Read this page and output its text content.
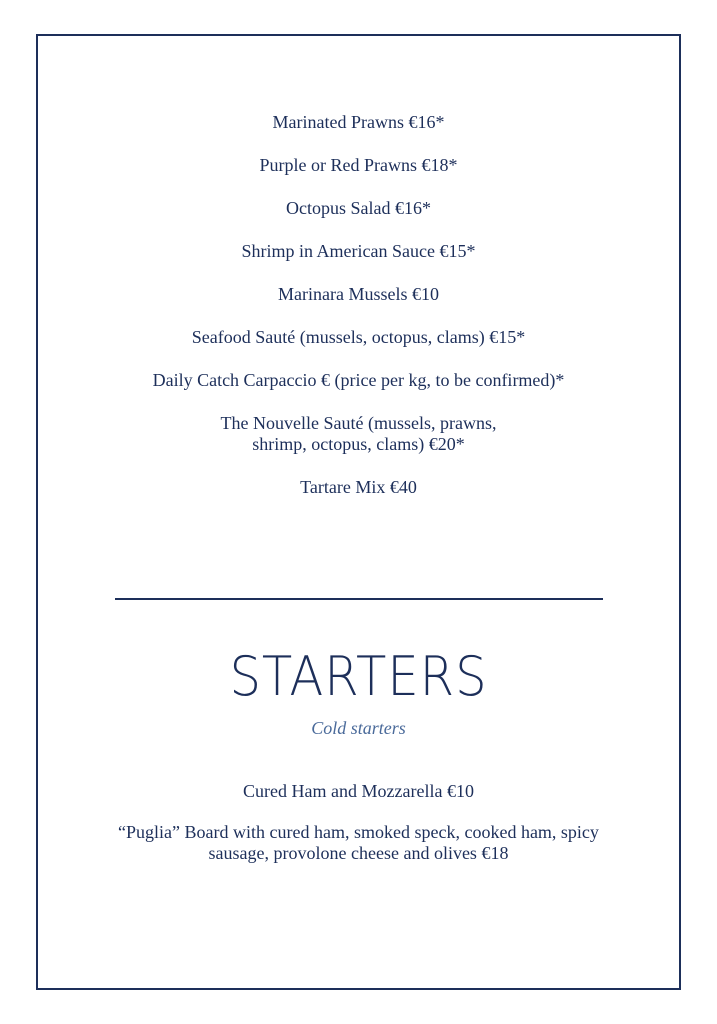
Marinated Prawns €16*
Purple or Red Prawns €18*
Octopus Salad €16*
Shrimp in American Sauce €15*
Marinara Mussels €10
Seafood Sauté (mussels, octopus, clams) €15*
Daily Catch Carpaccio € (price per kg, to be confirmed)*
The Nouvelle Sauté (mussels, prawns,
shrimp, octopus, clams) €20*
Tartare Mix €40
STARTERS
Cold starters
Cured Ham and Mozzarella €10
“Puglia” Board with cured ham, smoked speck, cooked ham, spicy
sausage, provolone cheese and olives €18
